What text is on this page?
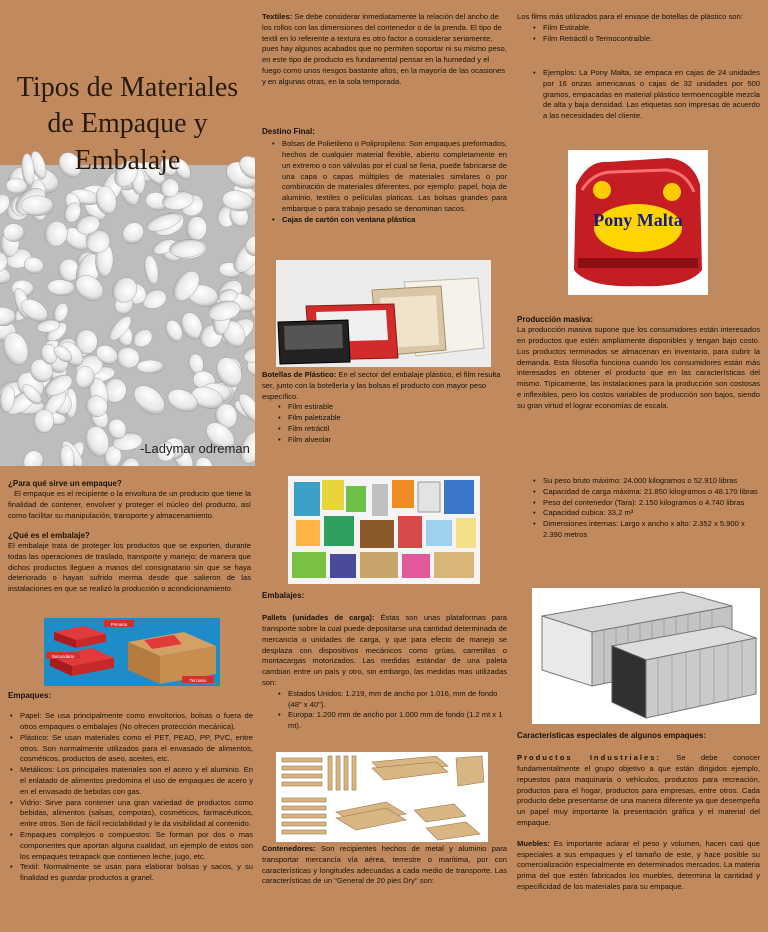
Tipos de Materiales
de Empaque y
Embalaje
-Ladymar odreman

Textiles: Se debe considerar inmediatamente la relación del ancho de los rollos con las dimensiones del contenedor o de la prenda. El tipo de textil en lo referente a textura es otro factor a considerar seriamente, pues hay algunos acabados que no permiten soportar ni su mismo peso, en este tipo de producto es fundamental pensar en la humedad y el fuego como unos riesgos bastante altos, en la mayoría de las ocasiones y en algunas otras, en la sola temporada.

Destino Final:

• Bolsas de Polietileno o Polipropileno: Son empaques preformados, hechos de cualquier material flexible, abierto completamente en un extremo o con válvulas por el cual se llena, puede fabricarse de una capa o capas múltiples de materiales similares o por combinación de materiales diferentes, por ejemplo: papel, hoja de aluminio, textiles o películas platicas. Las bolsas grandes para embarque o para trabajo pesado se denominan sacos.
• Cajas de cartón con ventana plástica

Botellas de Plástico: En el sector del embalaje plástico, el film resulta ser, junto con la botellería y las bolsas el producto con mayor peso específico.

• Film estirable
• Film paletizable
• Film retráctil
• Film alveolar

Los films más utilizados para el envase de botellas de plástico son:

• Film Estirable.
• Film Retráctil o Termocontraíble.
• Ejemplos: La Pony Malta, se empaca en cajas de 24 unidades por 16 onzas americanas o cajas de 32 unidades por 500 gramos, empacadas en material plástico termoencogible mezcla de alta y baja densidad. Las etiquetas son impresas de acuerdo a las necesidades del cliente.
Pony Malta

Producción masiva:

La producción masiva supone que los consumidores están interesados en productos que estén ampliamente disponibles y tengan bajo costo. Los productos terminados se almacenan en inventario, para cubrir la demanda. Esta filosofía funciona cuando los consumidores están más interesados en obtener el producto que en las características del mismo. Típicamente, las instalaciones para la producción son costosas e inflexibles, pero los costos variables de producción son bajos, siendo su gran virtud el lograr economías de escala.

¿Para qué sirve un empaque?

El empaque es el recipiente o la envoltura de un producto que tiene la finalidad de contener, envolver y proteger el núcleo del producto, así como facilitar su manipulación, transporte y almacenamiento.

¿Qué es el embalaje?

El embalaje trata de proteger los productos que se exporten, durante todas las operaciones de traslado, transporte y manejo; de manera que dichos productos lleguen a manos del consignatario sin que se haya deteriorado o hayan sufrido merma desde que salieron de las instalaciones en que se realizó la producción o acondicionamiento.

Primario
Secundario
Terciario

Empaques:

• Papel: Se usa principalmente como envoltorios, bolsas o fuera de otros empaques o embalajes (No ofrecen protección mecánica).
• Plástico: Se usan materiales como el PET, PEAD, PP, PVC, entre otros. Son normalmente utilizados para el envasado de alimentos, cosméticos, productos de aseo, aceites, etc.
• Metálicos: Los principales materiales son el acero y el aluminio. En el enlatado de alimentos predomina el uso de empaques de acero y en el envasado de bebidas con gas.
• Vidrio: Sirve para contener una gran variedad de productos como bebidas, alimentos (salsas, compotas), cosméticos, farmacéuticos, entre otros. Son de fácil reciclabilidad y le da visibilidad al contenido.
• Empaques complejos o compuestos: Se forman por dos o mas componentes que aportan alguna cualidad, un ejemplo de estos son los empaques tetrapack que contienen leche, jugo, etc.
• Textil: Normalmente se usan para elaborar bolsas y sacos, y su finalidad es guardar productos a granel.

Embalajes:

Pallets (unidades de carga): Éstas son unas plataformas para transporte sobre la cual puede depositarse una cantidad determinada de mercancía o unidades de carga, y que para efecto de manejo se desplaza con dispositivos mecánicos como grúas, carretillas o montacargas motorizados. Las medidas estándar de una paleta cambian entre un país y otro, sin embargo, las medidas mas utilizadas son:

• Estados Unidos: 1.219, mm de ancho por 1.016, mm de fondo (48" x 40").
• Europa: 1.200 mm de ancho por 1.000 mm de fondo (1.2 mt x 1 mt).

Contenedores: Son recipientes hechos de metal y aluminio para transportar mercancía vía aérea, terrestre o marítima, por con características y longitudes adecuadas a cada medio de transporte. Las características de un "General de 20 pies Dry" son:

• Su peso bruto máximo: 24.000 kilogramos o 52.910 libras
• Capacidad de carga máxima: 21.850 kilogramos o 48.170 libras
• Peso del contenedor (Tara): 2.150 kilogramos o 4.740 libras
• Capacidad cubica: 33,2 m³
• Dimensiones internas: Largo x ancho x alto: 2.352 x 5.900 x 2.390 metros

Características especiales de algunos empaques:

Productos Industriales: Se debe conocer fundamentalmente el grupo objetivo a que están dirigidos ejemplo, repuestos para maquinaria o vehículos, productos para recreación, productos para el hogar, productos para empresas, entre otros. Cada producto debe presentarse de una manera diferente ya que desempeña un papel muy importante la presentación gráfica y el material del empaque.

Muebles: Es importante aclarar el peso y volumen, hacen casi que especiales a sus empaques y el tamaño de este, y hace posible su comercialización especialmente en determinados mercados. La materia prima del que estén fabricados los muebles, determina la cantidad y especificidad de los materiales para su empaque.
